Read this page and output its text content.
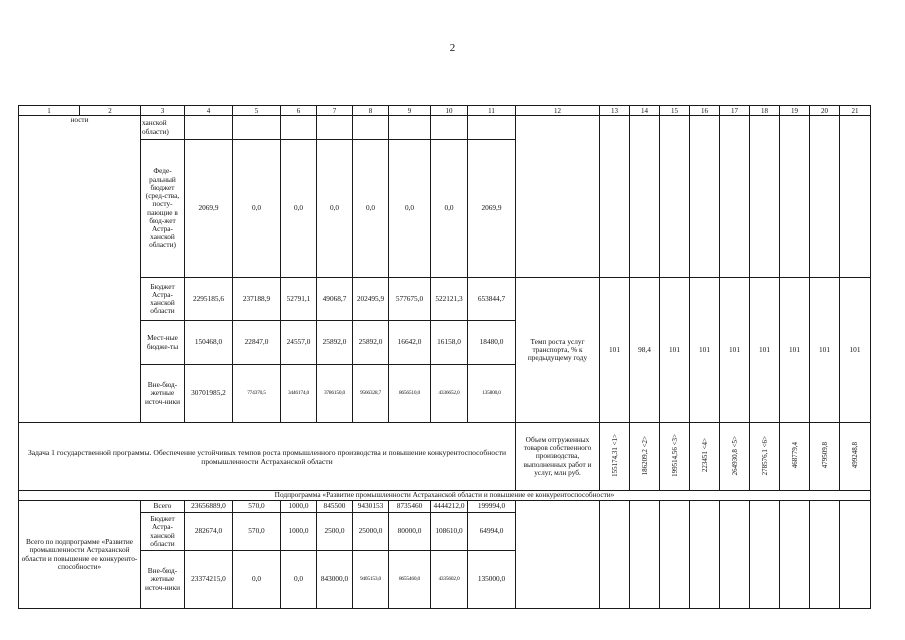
2
1	2	3	4	5	6	7	8	9	10	11	12	13	14	15	16	17	18	19	20	21
ности		ханской области)																		
		Феде-ральный бюджет (сред-ства, посту-пающие в бюд-жет Астра-ханской области)	2069,9	0,0	0,0	0,0	0,0	0,0	0,0	2069,9										
		Бюджет Астра-ханской области	2295185,6	237188,9	52791,1	49068,7	202495,9	577675,0	522121,3	653844,7	Темп роста услуг транспорта, % к предыдущему году	101	98,4	101	101	101	101	101	101	101
		Мест-ные бюдже-ты	150468,0	22847,0	24557,0	25892,0	25892,0	16642,0	16158,0	18480,0										
		Вне-бюд-жетные источ-ники	30701985,2	774370,5	3446174,0	3786150,0	9566328,7	8656510,0	4336652,0	135800,0										
Задача 1 государственной программы. Обеспечение устойчивых темпов роста промышленного производства и повышение конкурентоспособности промышленности Астраханской области											Объем отгруженных товаров собственного производства, выполненных работ и услуг, млн руб.	155174,31 <1>	186209,2 <2>	199514,56 <3>	223451 <4>	264930,8 <5>	278576,1 <6>	468779,4	479509,8	499248,8
Подпрограмма «Развитие промышленности Астраханской области и повышение ее конкурентоспособности»																				
Всего по подпрограмме «Развитие промышленности Астраханской области и повышение ее конкуренто-способности»		Всего	23656889,0	570,0	1000,0	845500	9430153	8735460	4444212,0	199994,0										
		Бюджет Астра-ханской области	282674,0	570,0	1000,0	2500,0	25000,0	80000,0	108610,0	64994,0										
		Вне-бюд-жетные источ-ники	23374215,0	0,0	0,0	843000,0	9405153,0	8655460,0	4335602,0	135000,0										
